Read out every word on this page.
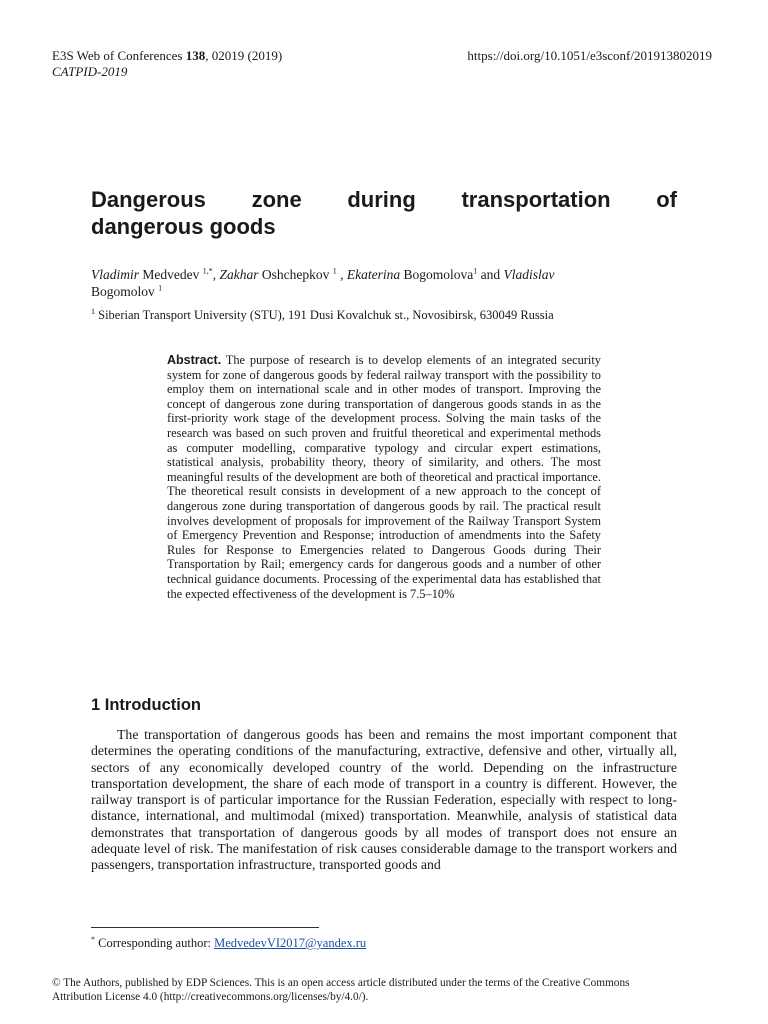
E3S Web of Conferences 138, 02019 (2019)
CATPID-2019
https://doi.org/10.1051/e3sconf/201913802019
Dangerous zone during transportation of
dangerous goods
Vladimir Medvedev $^{1,*}$, Zakhar Oshchepkov $^1$ , Ekaterina Bogomolova$^1$ and Vladislav
Bogomolov $^1$
$^1$ Siberian Transport University (STU), 191 Dusi Kovalchuk st., Novosibirsk, 630049 Russia
Abstract. The purpose of research is to develop elements of an integrated security system for zone of dangerous goods by federal railway transport with the possibility to employ them on international scale and in other modes of transport. Improving the concept of dangerous zone during transportation of dangerous goods stands in as the first-priority work stage of the development process. Solving the main tasks of the research was based on such proven and fruitful theoretical and experimental methods as computer modelling, comparative typology and circular expert estimations, statistical analysis, probability theory, theory of similarity, and others. The most meaningful results of the development are both of theoretical and practical importance. The theoretical result consists in development of a new approach to the concept of dangerous zone during transportation of dangerous goods by rail. The practical result involves development of proposals for improvement of the Railway Transport System of Emergency Prevention and Response; introduction of amendments into the Safety Rules for Response to Emergencies related to Dangerous Goods during Their Transportation by Rail; emergency cards for dangerous goods and a number of other technical guidance documents. Processing of the experimental data has established that the expected effectiveness of the development is 7.5–10%
1 Introduction
The transportation of dangerous goods has been and remains the most important component that determines the operating conditions of the manufacturing, extractive, defensive and other, virtually all, sectors of any economically developed country of the world. Depending on the infrastructure transportation development, the share of each mode of transport in a country is different. However, the railway transport is of particular importance for the Russian Federation, especially with respect to long-distance, international, and multimodal (mixed) transportation. Meanwhile, analysis of statistical data demonstrates that transportation of dangerous goods by all modes of transport does not ensure an adequate level of risk. The manifestation of risk causes considerable damage to the transport workers and passengers, transportation infrastructure, transported goods and
* Corresponding author: MedvedevVI2017@yandex.ru
© The Authors, published by EDP Sciences. This is an open access article distributed under the terms of the Creative Commons
Attribution License 4.0 (http://creativecommons.org/licenses/by/4.0/).
